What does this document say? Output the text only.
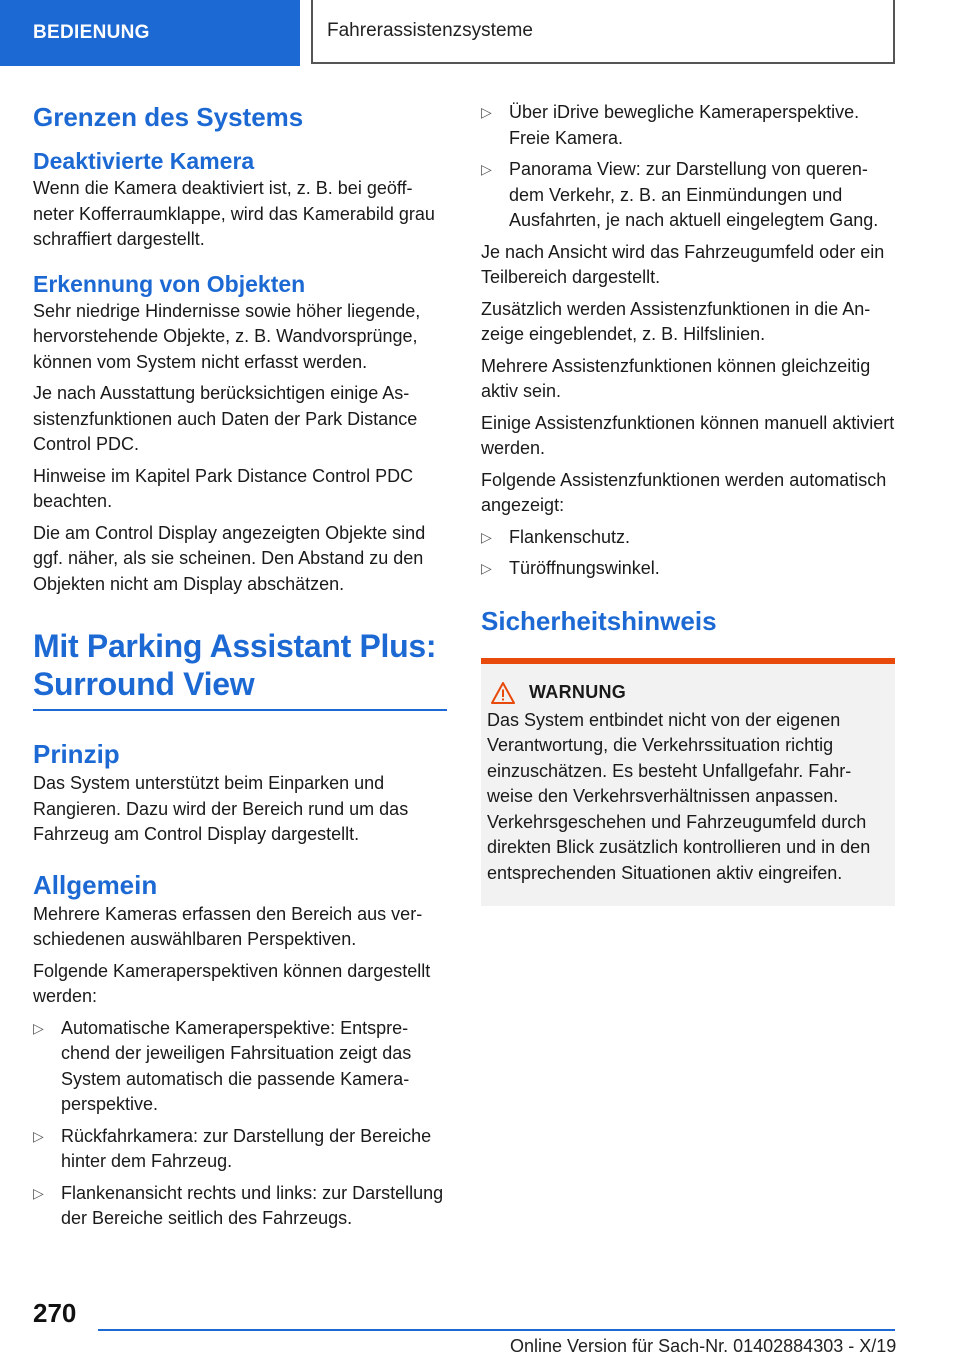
BEDIENUNG	Fahrerassistenzsysteme
Grenzen des Systems
Deaktivierte Kamera

Wenn die Kamera deaktiviert ist, z. B. bei geöffneter Kofferraumklappe, wird das Kamerabild grau schraffiert dargestellt.

Erkennung von Objekten

Sehr niedrige Hindernisse sowie höher liegende, hervorstehende Objekte, z. B. Wandvorsprünge, können vom System nicht erfasst werden.

Je nach Ausstattung berücksichtigen einige Assistenzfunktionen auch Daten der Park Distance Control PDC.

Hinweise im Kapitel Park Distance Control PDC beachten.

Die am Control Display angezeigten Objekte sind ggf. näher, als sie scheinen. Den Abstand zu den Objekten nicht am Display abschätzen.

Mit Parking Assistant Plus:
Surround View
Prinzip

Das System unterstützt beim Einparken und Rangieren. Dazu wird der Bereich rund um das Fahrzeug am Control Display dargestellt.

Allgemein

Mehrere Kameras erfassen den Bereich aus verschiedenen auswählbaren Perspektiven.

Folgende Kameraperspektiven können dargestellt werden:

▷ Automatische Kameraperspektive: Entsprechend der jeweiligen Fahrsituation zeigt das System automatisch die passende Kameraperspektive.
▷ Rückfahrkamera: zur Darstellung der Bereiche hinter dem Fahrzeug.
▷ Flankenansicht rechts und links: zur Darstellung der Bereiche seitlich des Fahrzeugs.
▷ Über iDrive bewegliche Kameraperspektive. Freie Kamera.
▷ Panorama View: zur Darstellung von querendem Verkehr, z. B. an Einmündungen und Ausfahrten, je nach aktuell eingelegtem Gang.

Je nach Ansicht wird das Fahrzeugumfeld oder ein Teilbereich dargestellt.

Zusätzlich werden Assistenzfunktionen in die Anzeige eingeblendet, z. B. Hilfslinien.

Mehrere Assistenzfunktionen können gleichzeitig aktiv sein.

Einige Assistenzfunktionen können manuell aktiviert werden.

Folgende Assistenzfunktionen werden automatisch angezeigt:

▷ Flankenschutz.
▷ Türöffnungswinkel.
Sicherheitshinweis
WARNUNG

Das System entbindet nicht von der eigenen Verantwortung, die Verkehrssituation richtig einzuschätzen. Es besteht Unfallgefahr. Fahrweise den Verkehrsverhältnissen anpassen. Verkehrsgeschehen und Fahrzeugumfeld durch direkten Blick zusätzlich kontrollieren und in den entsprechenden Situationen aktiv eingreifen.

270
Online Version für Sach-Nr. 01402884303 - X/19
